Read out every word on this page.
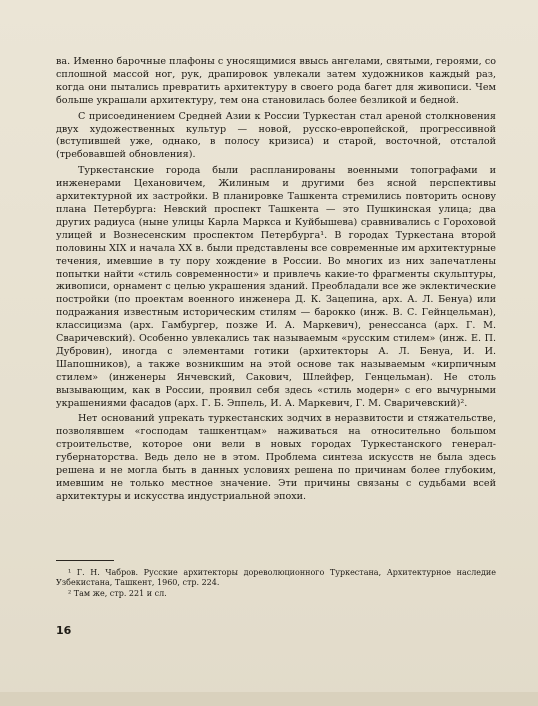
ва. Именно барочные плафоны с уносящимися ввысь ангелами, святыми, героями, со сплошной массой ног, рук, драпировок увлекали затем художников каждый раз, когда они пытались превратить архитектуру в своего рода багет для живописи. Чем больше украшали архитектуру, тем она становилась более безликой и бедной.

С присоединением Средней Азии к России Туркестан стал ареной столкновения двух художественных культур — новой, русско-европейской, прогрессивной (вступившей уже, однако, в полосу кризиса) и старой, восточной, отсталой (требовавшей обновления).

Туркестанские города были распланированы военными топографами и инженерами Цехановичем, Жилиным и другими без ясной перспективы архитектурной их застройки. В планировке Ташкента стремились повторить основу плана Петербурга: Невский проспект Ташкента — это Пушкинская улица; два других радиуса (ныне улицы Карла Маркса и Куйбышева) сравнивались с Гороховой улицей и Вознесенским проспектом Петербурга¹. В городах Туркестана второй половины XIX и начала XX в. были представлены все современные им архитектурные течения, имевшие в ту пору хождение в России. Во многих из них запечатлены попытки найти «стиль современности» и привлечь какие-то фрагменты скульптуры, живописи, орнамент с целью украшения зданий. Преобладали все же эклектические постройки (по проектам военного инженера Д. К. Зацепина, арх. А. Л. Бенуа) или подражания известным историческим стилям — барокко (инж. В. С. Гейнцельман), классицизма (арх. Гамбургер, позже И. А. Маркевич), ренессанса (арх. Г. М. Сваричевский). Особенно увлекались так называемым «русским стилем» (инж. Е. П. Дубровин), иногда с элементами готики (архитекторы А. Л. Бенуа, И. И. Шапошников), а также возникшим на этой основе так называемым «кирпичным стилем» (инженеры Янчевский, Сакович, Шлейфер, Генцельман). Не столь вызывающим, как в России, проявил себя здесь «стиль модерн» с его вычурными украшениями фасадов (арх. Г. Б. Эппель, И. А. Маркевич, Г. М. Сваричевский)².

Нет оснований упрекать туркестанских зодчих в неразвитости и стяжательстве, позволявшем «господам ташкентцам» наживаться на относительно большом строительстве, которое они вели в новых городах Туркестанского генерал-губернаторства. Ведь дело не в этом. Проблема синтеза искусств не была здесь решена и не могла быть в данных условиях решена по причинам более глубоким, имевшим не только местное значение. Эти причины связаны с судьбами всей архитектуры и искусства индустриальной эпохи.

¹ Г. Н. Чабров. Русские архитекторы дореволюционного Туркестана, Архитектурное наследие Узбекистана, Ташкент, 1960, стр. 224.

² Там же, стр. 221 и сл.

16
